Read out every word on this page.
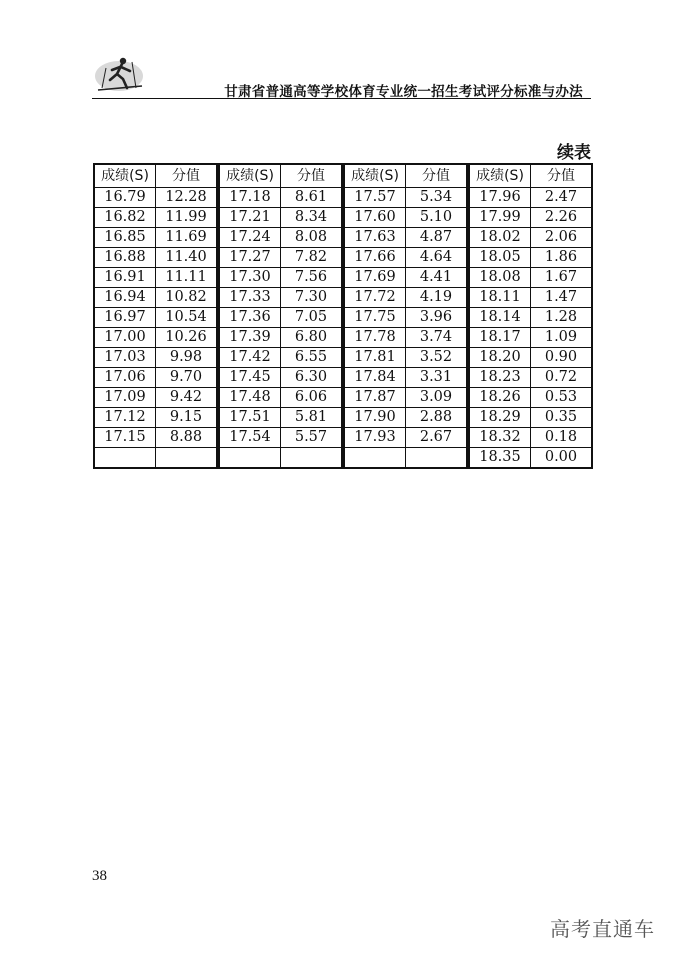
甘肃省普通高等学校体育专业统一招生考试评分标准与办法
续表
成绩(S)	分值
16.79	12.28
16.82	11.99
16.85	11.69
16.88	11.40
16.91	11.11
16.94	10.82
16.97	10.54
17.00	10.26
17.03	9.98
17.06	9.70
17.09	9.42
17.12	9.15
17.15	8.88

成绩(S)	分值
17.18	8.61
17.21	8.34
17.24	8.08
17.27	7.82
17.30	7.56
17.33	7.30
17.36	7.05
17.39	6.80
17.42	6.55
17.45	6.30
17.48	6.06
17.51	5.81
17.54	5.57

成绩(S)	分值
17.57	5.34
17.60	5.10
17.63	4.87
17.66	4.64
17.69	4.41
17.72	4.19
17.75	3.96
17.78	3.74
17.81	3.52
17.84	3.31
17.87	3.09
17.90	2.88
17.93	2.67

成绩(S)	分值
17.96	2.47
17.99	2.26
18.02	2.06
18.05	1.86
18.08	1.67
18.11	1.47
18.14	1.28
18.17	1.09
18.20	0.90
18.23	0.72
18.26	0.53
18.29	0.35
18.32	0.18
18.35	0.00
38
高考直通车
